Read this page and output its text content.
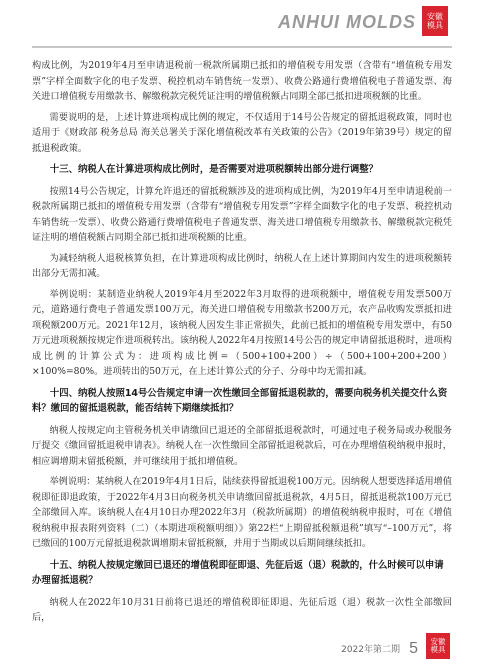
ANHUI MOLDS 安徽
模具

构成比例，为2019年4月至申请退税前一税款所属期已抵扣的增值税专用发票（含带有“增值税专用发票”字样全面数字化的电子发票、税控机动车销售统一发票）、收费公路通行费增值税电子普通发票、海关进口增值税专用缴款书、解缴税款完税凭证注明的增值税额占同期全部已抵扣进项税额的比重。

需要说明的是，上述计算进项构成比例的规定，不仅适用于14号公告规定的留抵退税政策，同时也适用于《财政部 税务总局 海关总署关于深化增值税改革有关政策的公告》（2019年第39号）规定的留抵退税政策。

十三、纳税人在计算进项构成比例时，是否需要对进项税额转出部分进行调整？

按照14号公告规定，计算允许退还的留抵税额涉及的进项构成比例，为2019年4月至申请退税前一税款所属期已抵扣的增值税专用发票（含带有“增值税专用发票”字样全面数字化的电子发票、税控机动车销售统一发票）、收费公路通行费增值税电子普通发票、海关进口增值税专用缴款书、解缴税款完税凭证注明的增值税额占同期全部已抵扣进项税额的比重。

为减轻纳税人退税核算负担，在计算进项构成比例时，纳税人在上述计算期间内发生的进项税额转出部分无需扣减。

举例说明：某制造业纳税人2019年4月至2022年3月取得的进项税额中，增值税专用发票500万元，道路通行费电子普通发票100万元，海关进口增值税专用缴款书200万元，农产品收购发票抵扣进项税额200万元。2021年12月，该纳税人因发生非正常损失，此前已抵扣的增值税专用发票中，有50万元进项税额按规定作进项税转出。该纳税人2022年4月按照14号公告的规定申请留抵退税时，进项构成比例的计算公式为：进项构成比例=（500+100+200）÷（500+100+200+200）×100%=80%。进项转出的50万元，在上述计算公式的分子、分母中均无需扣减。

十四、纳税人按照14号公告规定申请一次性缴回全部留抵退税款的，需要向税务机关提交什么资料？缴回的留抵退税款，能否结转下期继续抵扣？

纳税人按规定向主管税务机关申请缴回已退还的全部留抵退税款时，可通过电子税务局或办税服务厅提交《缴回留抵退税申请表》。纳税人在一次性缴回全部留抵退税款后，可在办理增值税纳税申报时，相应调增期末留抵税额，并可继续用于抵扣增值税。

举例说明：某纳税人在2019年4月1日后，陆续获得留抵退税100万元。因纳税人想要选择适用增值税即征即退政策，于2022年4月3日向税务机关申请缴回留抵退税款，4月5日，留抵退税款100万元已全部缴回入库。该纳税人在4月10日办理2022年3月（税款所属期）的增值税纳税申报时，可在《增值税纳税申报表附列资料（二）（本期进项税额明细）》第22栏“上期留抵税额退税”填写“–100万元”，将已缴回的100万元留抵退税款调增期末留抵税额，并用于当期或以后期间继续抵扣。

十五、纳税人按规定缴回已退还的增值税即征即退、先征后返（退）税款的，什么时候可以申请办理留抵退税？

纳税人在2022年10月31日前将已退还的增值税即征即退、先征后返（退）税款一次性全部缴回后，

2022年第二期 5 安徽
模具
